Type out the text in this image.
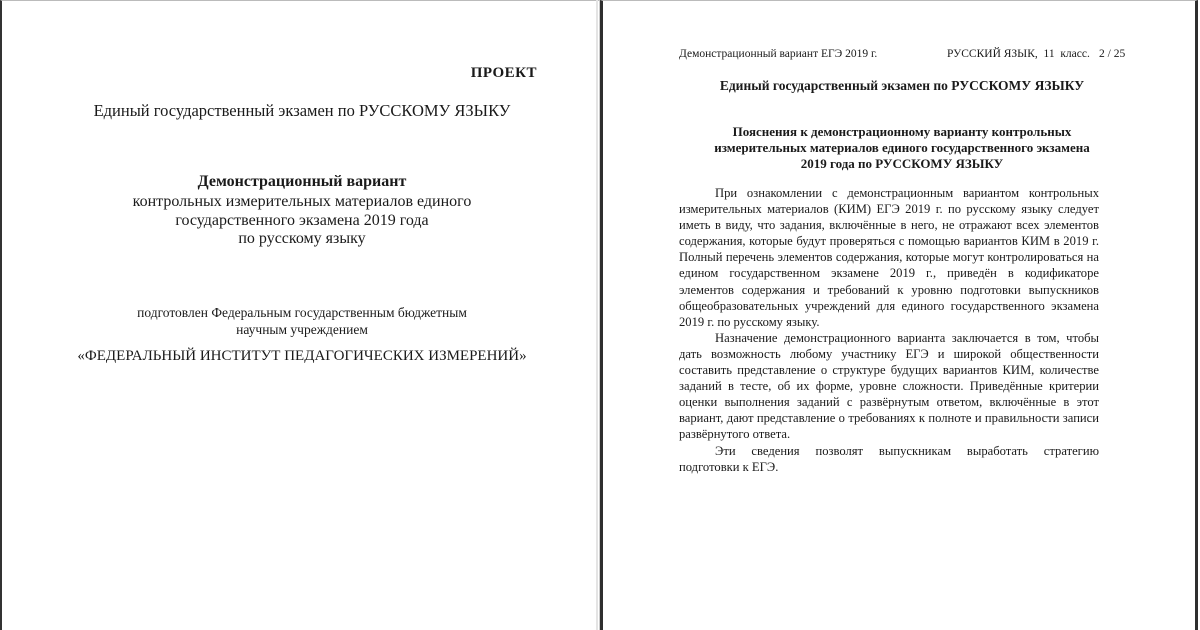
ПРОЕКТ
Единый государственный экзамен по РУССКОМУ ЯЗЫКУ
Демонстрационный вариант
контрольных измерительных материалов единого
государственного экзамена 2019 года
по русскому языку
подготовлен Федеральным государственным бюджетным
научным учреждением
«ФЕДЕРАЛЬНЫЙ ИНСТИТУТ ПЕДАГОГИЧЕСКИХ ИЗМЕРЕНИЙ»
Демонстрационный вариант ЕГЭ 2019 г.	РУССКИЙ ЯЗЫК,  11  класс. 2 / 25
Единый государственный экзамен по РУССКОМУ ЯЗЫКУ
Пояснения к демонстрационному варианту контрольных
измерительных материалов единого государственного экзамена
2019 года по РУССКОМУ ЯЗЫКУ

При ознакомлении с демонстрационным вариантом контрольных измерительных материалов (КИМ) ЕГЭ 2019 г. по русскому языку следует иметь в виду, что задания, включённые в него, не отражают всех элементов содержания, которые будут проверяться с помощью вариантов КИМ в 2019 г. Полный перечень элементов содержания, которые могут контролироваться на едином государственном экзамене 2019 г., приведён в кодификаторе элементов содержания и требований к уровню подготовки выпускников общеобразовательных учреждений для единого государственного экзамена 2019 г. по русскому языку.

Назначение демонстрационного варианта заключается в том, чтобы дать возможность любому участнику ЕГЭ и широкой общественности составить представление о структуре будущих вариантов КИМ, количестве заданий в тесте, об их форме, уровне сложности. Приведённые критерии оценки выполнения заданий с развёрнутым ответом, включённые в этот вариант, дают представление о требованиях к полноте и правильности записи развёрнутого ответа.

Эти сведения позволят выпускникам выработать стратегию подготовки к ЕГЭ.
